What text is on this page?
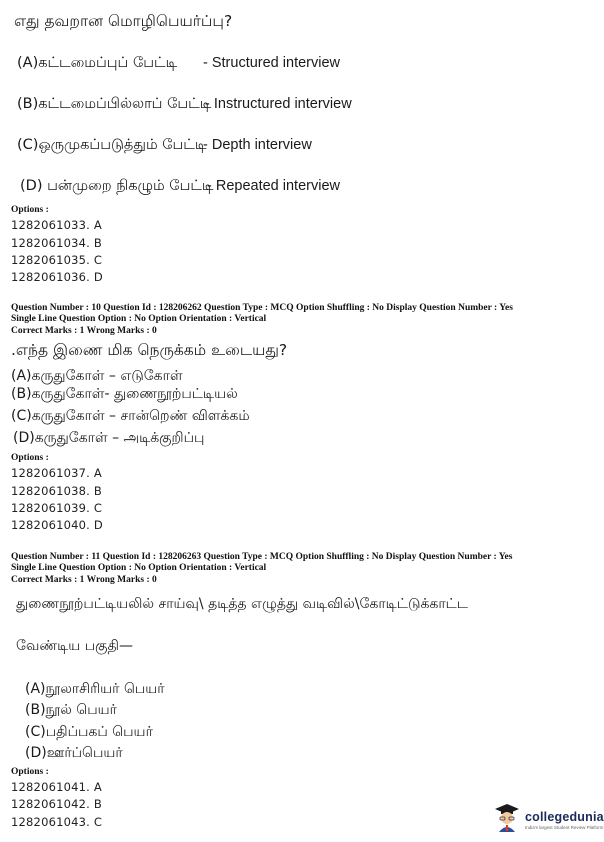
எது தவறான மொழிபெயர்ப்பு?
(A)கட்டமைப்புப் பேட்டி - Structured interview
(B)கட்டமைப்பில்லாப் பேட்டி
- Instructured interview
(C)ஒருமுகப்படுத்தும் பேட்டி
- Depth interview
(D) பன்முறை நிகழும் பேட்டி
- Repeated interview
Options :
1282061033. A
1282061034. B
1282061035. C
1282061036. D
Question Number : 10 Question Id : 128206262 Question Type : MCQ Option Shuffling : No Display Question Number : Yes
Single Line Question Option : No Option Orientation : Vertical
Correct Marks : 1 Wrong Marks : 0
.எந்த இணை மிக நெருக்கம் உடையது?
(A)கருதுகோள் – எடுகோள்
(B)கருதுகோள்- துணைநூற்பட்டியல்
(C)கருதுகோள் – சான்றெண் விளக்கம்
(D)கருதுகோள் – அடிக்குறிப்பு
Options :
1282061037. A
1282061038. B
1282061039. C
1282061040. D
Question Number : 11 Question Id : 128206263 Question Type : MCQ Option Shuffling : No Display Question Number : Yes
Single Line Question Option : No Option Orientation : Vertical
Correct Marks : 1 Wrong Marks : 0
துணைநூற்பட்டியலில் சாய்வு\ தடித்த எழுத்து வடிவில்\கோடிட்டுக்காட்ட
வேண்டிய பகுதி—
(A)நூலாசிரியர் பெயர்
(B)நூல் பெயர்
(C)பதிப்பகப் பெயர்
(D)ஊர்ப்பெயர்
Options :
1282061041. A
1282061042. B
1282061043. C	collegedunia
India's largest Student Review Platform
